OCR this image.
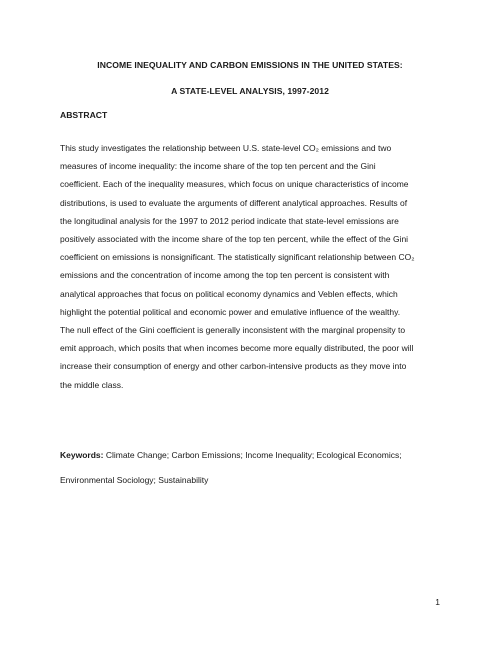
INCOME INEQUALITY AND CARBON EMISSIONS IN THE UNITED STATES:
A STATE-LEVEL ANALYSIS, 1997-2012
ABSTRACT

This study investigates the relationship between U.S. state-level CO₂ emissions and two
measures of income inequality: the income share of the top ten percent and the Gini
coefficient. Each of the inequality measures, which focus on unique characteristics of income
distributions, is used to evaluate the arguments of different analytical approaches. Results of
the longitudinal analysis for the 1997 to 2012 period indicate that state-level emissions are
positively associated with the income share of the top ten percent, while the effect of the Gini
coefficient on emissions is nonsignificant. The statistically significant relationship between CO₂
emissions and the concentration of income among the top ten percent is consistent with
analytical approaches that focus on political economy dynamics and Veblen effects, which
highlight the potential political and economic power and emulative influence of the wealthy.
The null effect of the Gini coefficient is generally inconsistent with the marginal propensity to
emit approach, which posits that when incomes become more equally distributed, the poor will
increase their consumption of energy and other carbon-intensive products as they move into
the middle class.

Keywords: Climate Change; Carbon Emissions; Income Inequality; Ecological Economics;
Environmental Sociology; Sustainability
1
